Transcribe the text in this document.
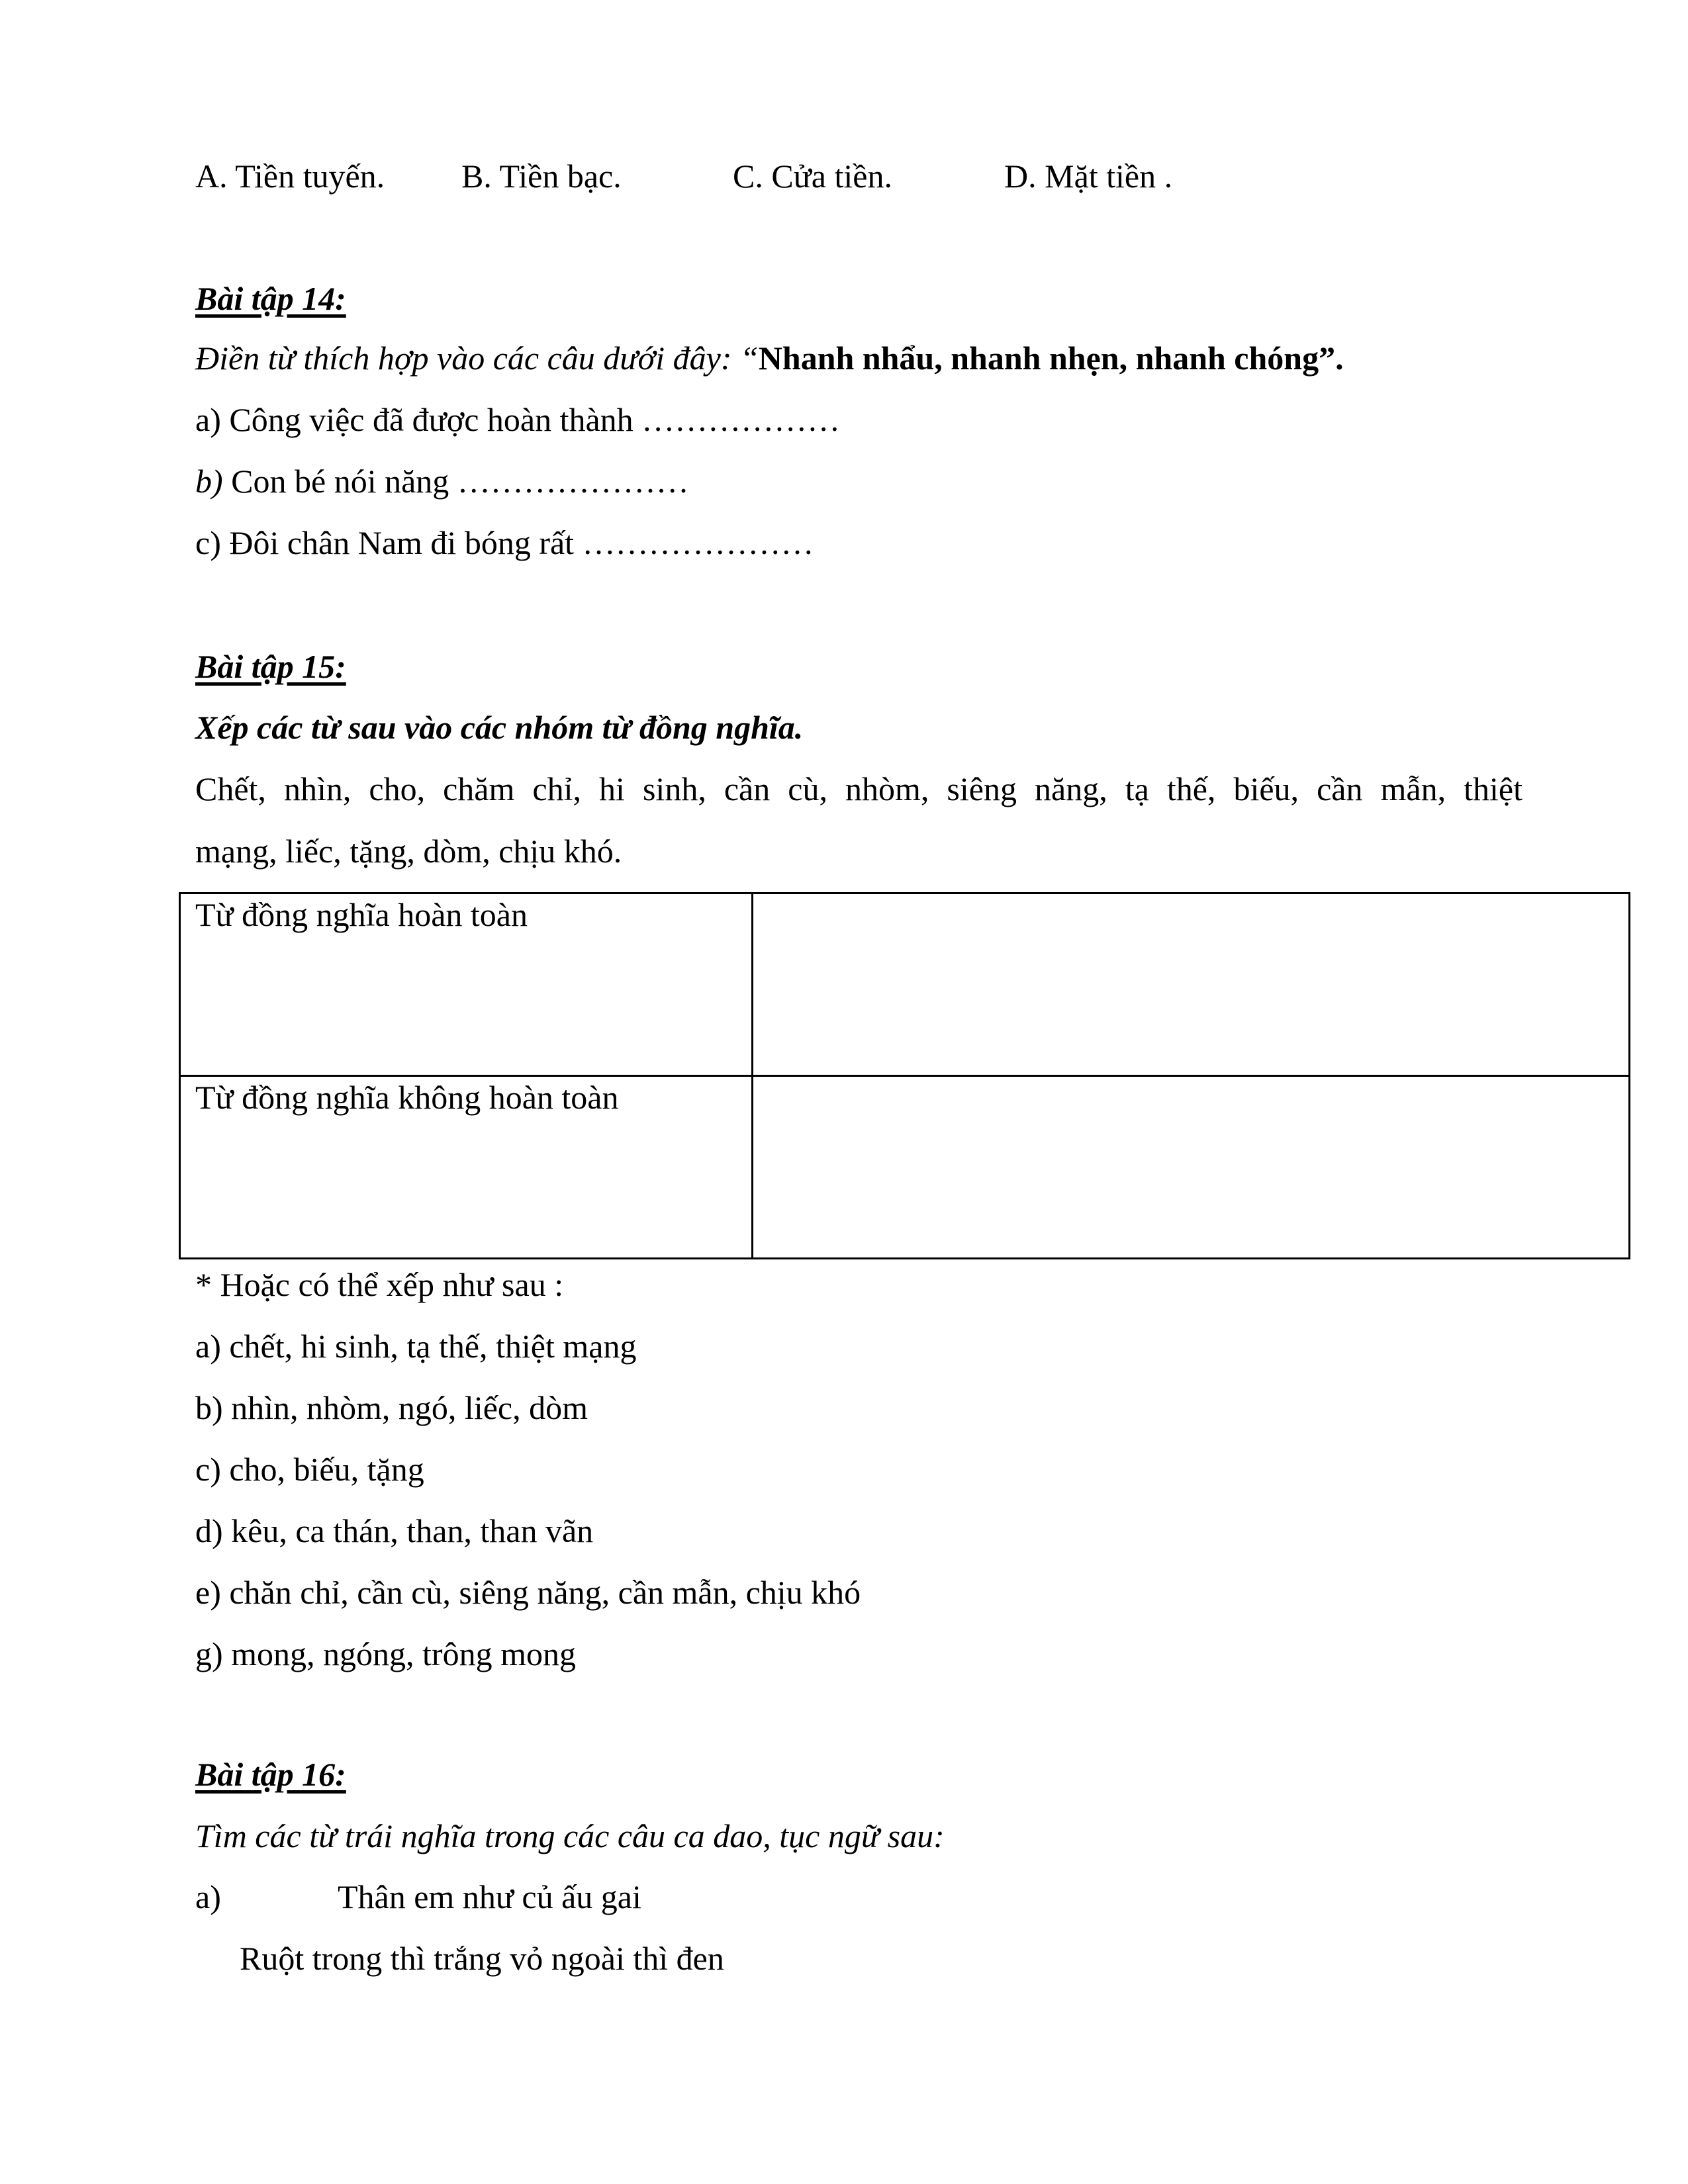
A. Tiền tuyến. B. Tiền bạc.	C. Cửa tiền.	D. Mặt tiền .
Bài tập 14:
Điền từ thích hợp vào các câu dưới đây: “Nhanh nhẩu, nhanh nhẹn, nhanh chóng”.
a) Công việc đã được hoàn thành ………………
b) Con bé nói năng …………………
c) Đôi chân Nam đi bóng rất …………………
Bài tập 15:
Xếp các từ sau vào các nhóm từ đồng nghĩa.
Chết, nhìn, cho, chăm chỉ, hi sinh, cần cù, nhòm, siêng năng, tạ thế, biếu, cần mẫn, thiệt
mạng, liếc, tặng, dòm, chịu khó.
Từ đồng nghĩa hoàn toàn	
Từ đồng nghĩa không hoàn toàn	
* Hoặc có thể xếp như sau :
a) chết, hi sinh, tạ thế, thiệt mạng
b) nhìn, nhòm, ngó, liếc, dòm
c) cho, biếu, tặng
d) kêu, ca thán, than, than vãn
e) chăn chỉ, cần cù, siêng năng, cần mẫn, chịu khó
g) mong, ngóng, trông mong
Bài tập 16:
Tìm các từ trái nghĩa trong các câu ca dao, tục ngữ sau:
a)	Thân em như củ ấu gai
Ruột trong thì trắng vỏ ngoài thì đen
